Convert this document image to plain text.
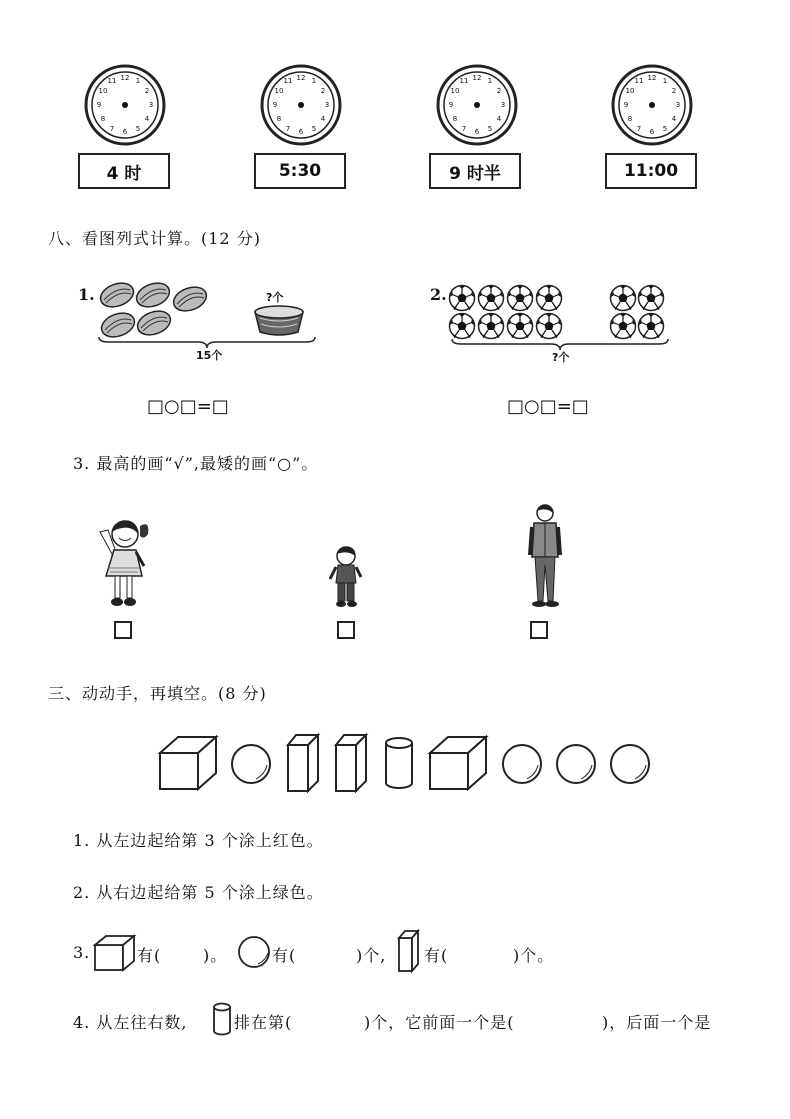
12 1
2
3
4
5
6
7
8
9
10
11	12 1
2
3
4
5
6
7
8
9
10
11	12 1
2
3
4
5
6
7
8
9
10
11	12 1
2
3
4
5
6
7
8
9
10
11
4 时	5:30	9 时半	11:00
八、看图列式计算。(12 分)
1.	?个
15个
□○□=□
2.
?个
□○□=□
3. 最高的画“√”,最矮的画“○”。
三、动动手，再填空。(8 分)
1. 从左边起给第 3 个涂上红色。
2. 从右边起给第 5 个涂上绿色。
3.	有(	)。	有(	)个, 有(	)个。
4. 从左往右数,	排在第(	)个，它前面一个是(	)，后面一个是
